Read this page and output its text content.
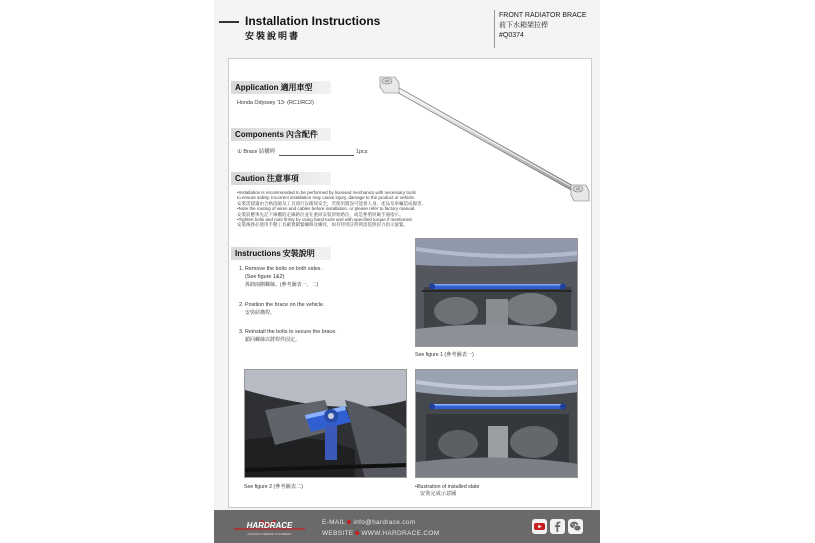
Installation Instructions
安裝說明書
FRONT RADIATOR BRACE
前下水箱架拉桿
#Q0374
Application 適用車型
Honda Odyssey '13- (RC1/RC2)
Components 內含配件
① Brace 結構桿	1pcs
Caution 注意事項
•Installation is recommended to be performed by licensed mechanics with necessary tools
to ensure safety. Incorrect installation may cause injury, damage to the product or vehicle.
安裝需建議由合格技師及工具商行以確保安全，若使用錯誤可能會人身、產品及車輛造成傷害。
•Note the routing of wires and cables before installation, or please refer to factory manual.
安裝前應事先記下線纜的走線路位並在重回安裝原始路位，或是參照原廠手冊指示。
•Tighten bolts and nuts firmly by using hand tools and with specified torque if mentioned.
安裝後務必使用手動工具確實鎖緊螺絲及螺母，如有特別註明則需依照扭力指示旋緊。
Instructions 安裝說明
1. Remove the bolts on both sides .
(See figure 1&2)
拆卸兩側螺絲。(參考圖表一、二)
2. Position the brace on the vehicle.
安裝結構桿。
3. Reinstall the bolts to secure the brace.
鎖回螺絲以將桿件固定。
See figure 1 (參考圖表一)
See figure 2 (參考圖表二)	•Illustration of installed state
安裝完成示意圖
HARDRACE
CHASSIS STEERING ALIGNMENT
E-MAIL info@hardrace.com
WEBSITE WWW.HARDRACE.COM
